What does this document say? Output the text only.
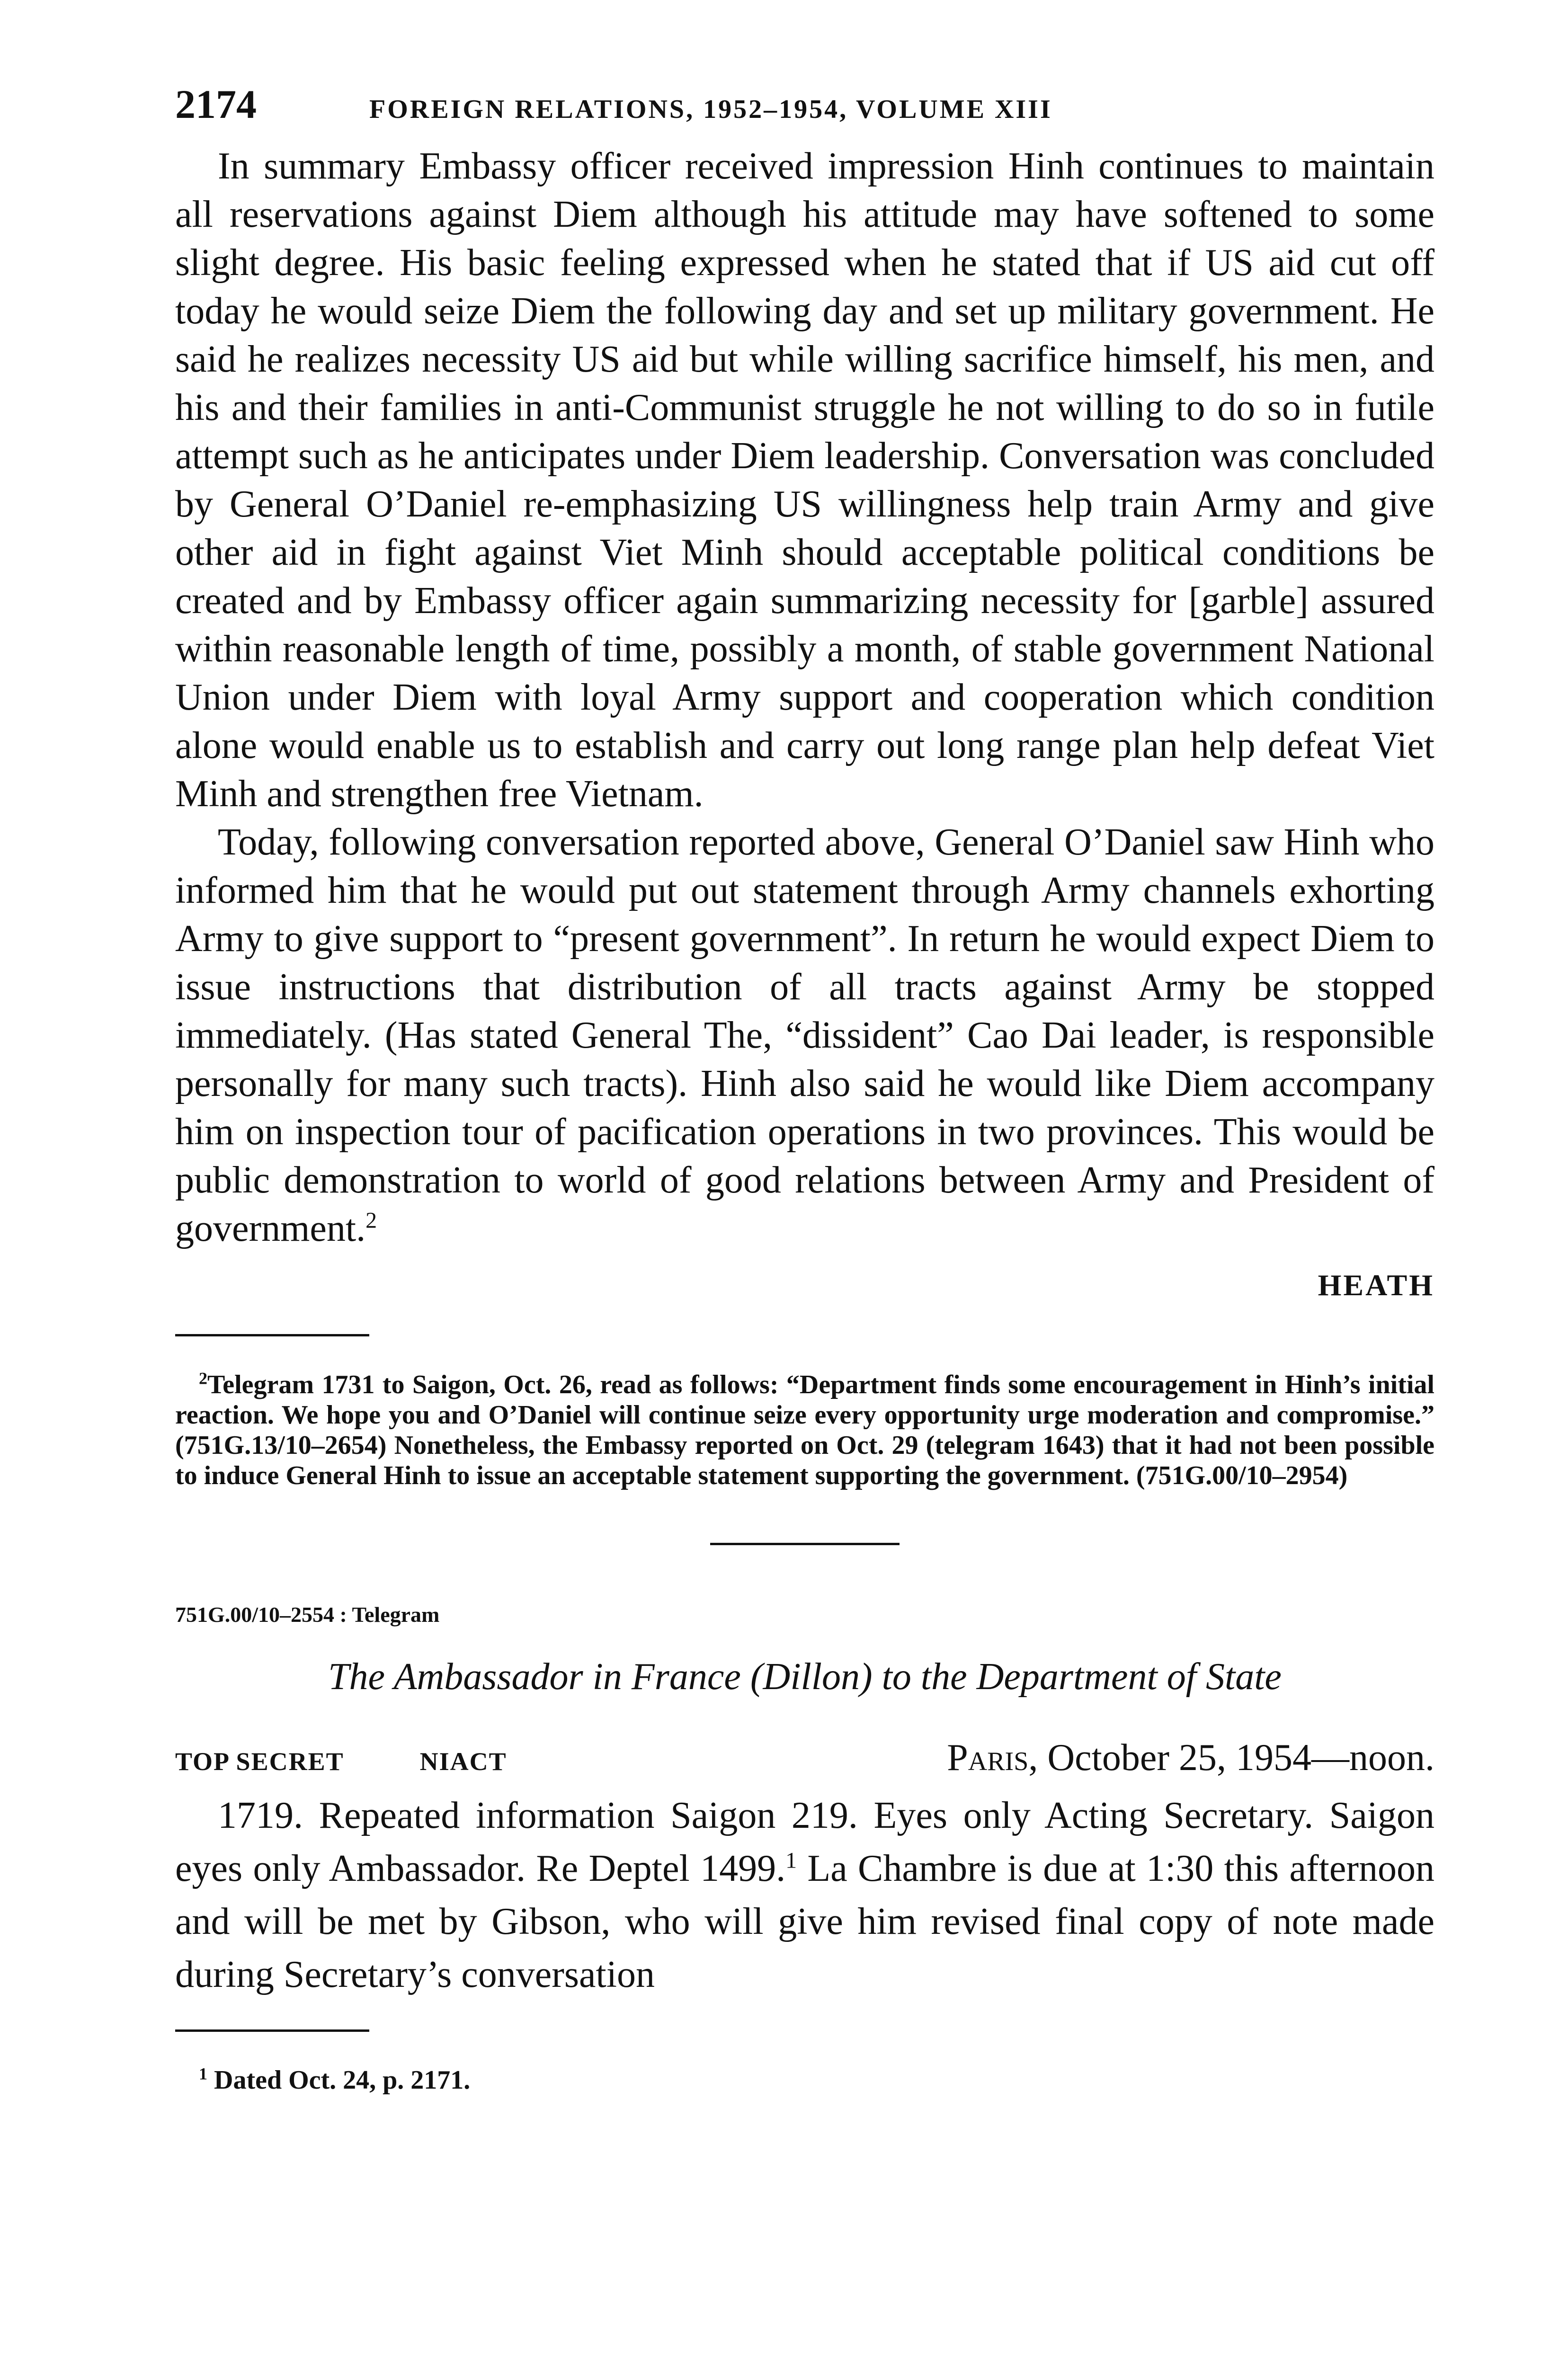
2174	FOREIGN RELATIONS, 1952–1954, VOLUME XIII

In summary Embassy officer received impression Hinh continues to maintain all reservations against Diem although his attitude may have softened to some slight degree. His basic feeling expressed when he stated that if US aid cut off today he would seize Diem the following day and set up military government. He said he realizes necessity US aid but while willing sacrifice himself, his men, and his and their families in anti-Communist struggle he not willing to do so in futile attempt such as he anticipates under Diem leadership. Conversation was concluded by General O’Daniel re-emphasizing US willingness help train Army and give other aid in fight against Viet Minh should acceptable political conditions be created and by Embassy officer again summarizing necessity for [garble] assured within reasonable length of time, possibly a month, of stable government National Union under Diem with loyal Army support and cooperation which condition alone would enable us to establish and carry out long range plan help defeat Viet Minh and strengthen free Vietnam.

Today, following conversation reported above, General O’Daniel saw Hinh who informed him that he would put out statement through Army channels exhorting Army to give support to “present government”. In return he would expect Diem to issue instructions that distribution of all tracts against Army be stopped immediately. (Has stated General The, “dissident” Cao Dai leader, is responsible personally for many such tracts). Hinh also said he would like Diem accompany him on inspection tour of pacification operations in two provinces. This would be public demonstration to world of good relations between Army and President of government.$^2$

HEATH

$^2$Telegram 1731 to Saigon, Oct. 26, read as follows: “Department finds some encouragement in Hinh’s initial reaction. We hope you and O’Daniel will continue seize every opportunity urge moderation and compromise.” (751G.13/10–2654) Nonetheless, the Embassy reported on Oct. 29 (telegram 1643) that it had not been possible to induce General Hinh to issue an acceptable statement supporting the government. (751G.00/10–2954)

751G.00/10–2554 : Telegram
The Ambassador in France (Dillon) to the Department of State
TOP SECRET	NIACT	Paris, October 25, 1954—noon.

1719. Repeated information Saigon 219. Eyes only Acting Secretary. Saigon eyes only Ambassador. Re Deptel 1499.$^1$ La Chambre is due at 1:30 this afternoon and will be met by Gibson, who will give him revised final copy of note made during Secretary’s conversation

$^1$ Dated Oct. 24, p. 2171.
